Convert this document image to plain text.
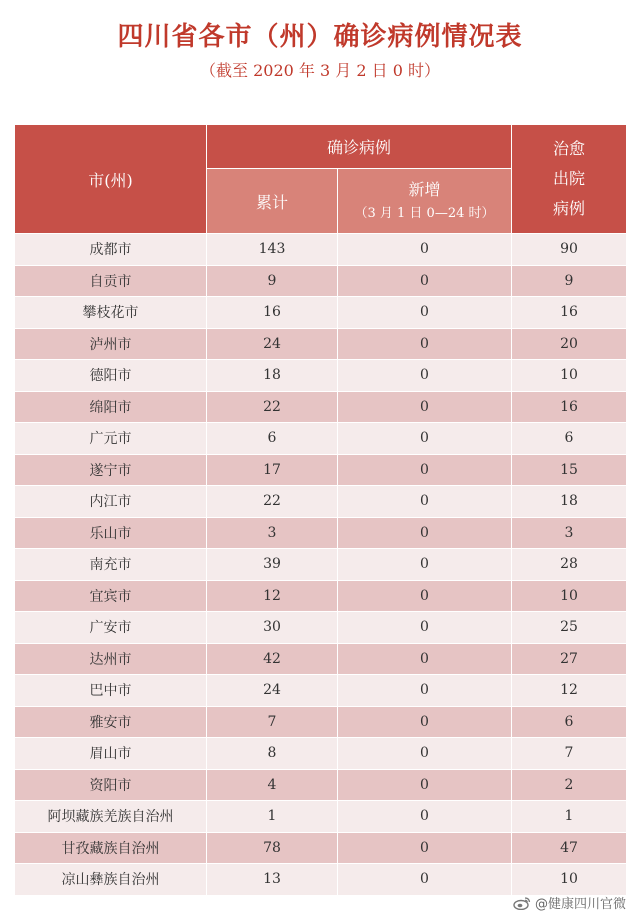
四川省各市（州）确诊病例情况表
（截至 2020 年 3 月 2 日 0 时）
市(州)	确诊病例		治愈
出院
病例

	累计	新增
（3 月 1 日 0—24 时）	

成都市	143	0	90
自贡市	9	0	9
攀枝花市	16	0	16
泸州市	24	0	20
德阳市	18	0	10
绵阳市	22	0	16
广元市	6	0	6
遂宁市	17	0	15
内江市	22	0	18
乐山市	3	0	3
南充市	39	0	28
宜宾市	12	0	10
广安市	30	0	25
达州市	42	0	27
巴中市	24	0	12
雅安市	7	0	6
眉山市	8	0	7
资阳市	4	0	2
阿坝藏族羌族自治州	1	0	1
甘孜藏族自治州	78	0	47
凉山彝族自治州	13	0	10
@健康四川官微
